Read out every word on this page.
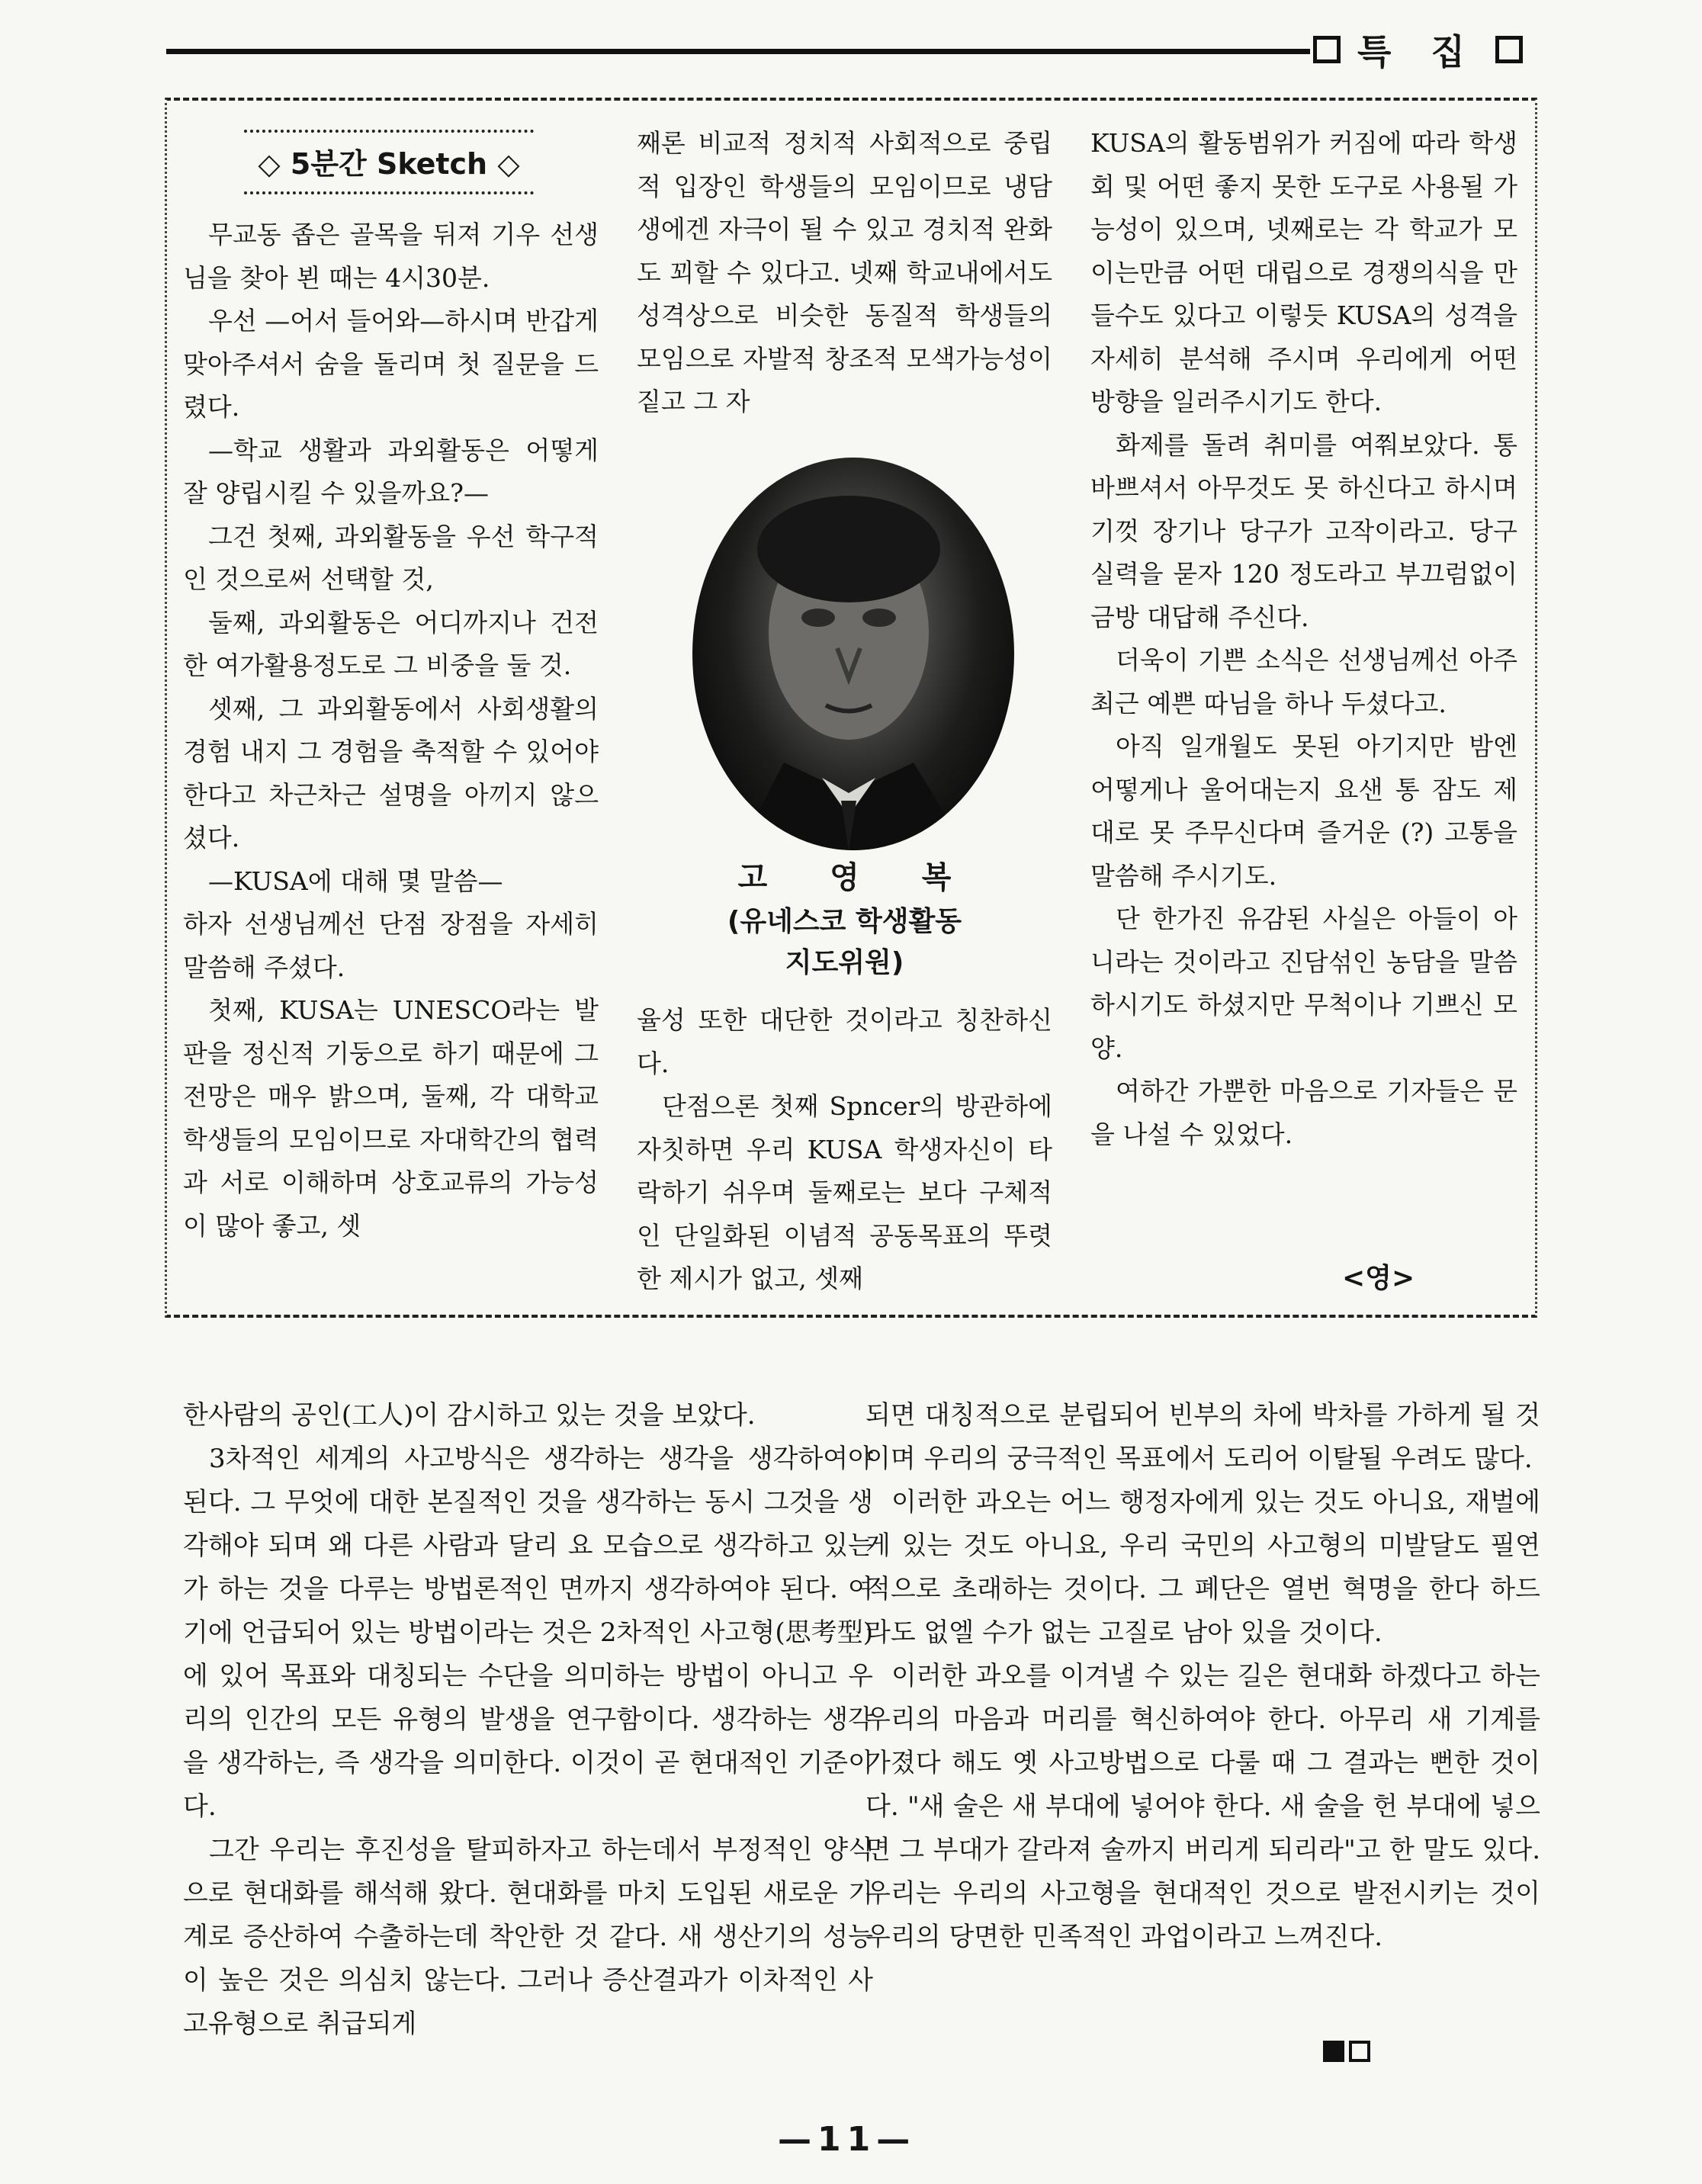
특 집
◇ 5분간 Sketch ◇

무교동 좁은 골목을 뒤져 기우 선생님을 찾아 뵌 때는 4시30분.

우선 —어서 들어와—하시며 반갑게 맞아주셔서 숨을 돌리며 첫 질문을 드렸다.

—학교 생활과 과외활동은 어떻게 잘 양립시킬 수 있을까요?—

그건 첫째, 과외활동을 우선 학구적인 것으로써 선택할 것,

둘째, 과외활동은 어디까지나 건전한 여가활용정도로 그 비중을 둘 것.

셋째, 그 과외활동에서 사회생활의 경험 내지 그 경험을 축적할 수 있어야 한다고 차근차근 설명을 아끼지 않으셨다.

—KUSA에 대해 몇 말씀—

하자 선생님께선 단점 장점을 자세히 말씀해 주셨다.

첫째, KUSA는 UNESCO라는 발판을 정신적 기둥으로 하기 때문에 그 전망은 매우 밝으며, 둘째, 각 대학교 학생들의 모임이므로 자대학간의 협력과 서로 이해하며 상호교류의 가능성이 많아 좋고, 셋

째론 비교적 정치적 사회적으로 중립적 입장인 학생들의 모임이므로 냉담생에겐 자극이 될 수 있고 경치적 완화도 꾀할 수 있다고. 넷째 학교내에서도 성격상으로 비슷한 동질적 학생들의 모임으로 자발적 창조적 모색가능성이 짙고 그 자

고 영 복
(유네스코 학생활동
지도위원)

율성 또한 대단한 것이라고 칭찬하신다.

단점으론 첫째 Spncer의 방관하에 자칫하면 우리 KUSA 학생자신이 타락하기 쉬우며 둘째로는 보다 구체적인 단일화된 이념적 공동목표의 뚜렷한 제시가 없고, 셋째

KUSA의 활동범위가 커짐에 따라 학생회 및 어떤 좋지 못한 도구로 사용될 가능성이 있으며, 넷째로는 각 학교가 모이는만큼 어떤 대립으로 경쟁의식을 만들수도 있다고 이렇듯 KUSA의 성격을 자세히 분석해 주시며 우리에게 어떤 방향을 일러주시기도 한다.

화제를 돌려 취미를 여쭤보았다. 통 바쁘셔서 아무것도 못 하신다고 하시며 기껏 장기나 당구가 고작이라고. 당구실력을 묻자 120 정도라고 부끄럼없이 금방 대답해 주신다.

더욱이 기쁜 소식은 선생님께선 아주 최근 예쁜 따님을 하나 두셨다고.

아직 일개월도 못된 아기지만 밤엔 어떻게나 울어대는지 요샌 통 잠도 제대로 못 주무신다며 즐거운 (?) 고통을 말씀해 주시기도.

단 한가진 유감된 사실은 아들이 아니라는 것이라고 진담섞인 농담을 말씀하시기도 하셨지만 무척이나 기쁘신 모양.

여하간 가뿐한 마음으로 기자들은 문을 나설 수 있었다.

<영>

한사람의 공인(工人)이 감시하고 있는 것을 보았다.

3차적인 세계의 사고방식은 생각하는 생각을 생각하여야 된다. 그 무엇에 대한 본질적인 것을 생각하는 동시 그것을 생각해야 되며 왜 다른 사람과 달리 요 모습으로 생각하고 있는가 하는 것을 다루는 방법론적인 면까지 생각하여야 된다. 여기에 언급되어 있는 방법이라는 것은 2차적인 사고형(思考型)에 있어 목표와 대칭되는 수단을 의미하는 방법이 아니고 우리의 인간의 모든 유형의 발생을 연구함이다. 생각하는 생각을 생각하는, 즉 생각을 의미한다. 이것이 곧 현대적인 기준이다.

그간 우리는 후진성을 탈피하자고 하는데서 부정적인 양식으로 현대화를 해석해 왔다. 현대화를 마치 도입된 새로운 기계로 증산하여 수출하는데 착안한 것 같다. 새 생산기의 성능이 높은 것은 의심치 않는다. 그러나 증산결과가 이차적인 사고유형으로 취급되게

되면 대칭적으로 분립되어 빈부의 차에 박차를 가하게 될 것이며 우리의 궁극적인 목표에서 도리어 이탈될 우려도 많다.

이러한 과오는 어느 행정자에게 있는 것도 아니요, 재벌에게 있는 것도 아니요, 우리 국민의 사고형의 미발달도 필연적으로 초래하는 것이다. 그 폐단은 열번 혁명을 한다 하드라도 없엘 수가 없는 고질로 남아 있을 것이다.

이러한 과오를 이겨낼 수 있는 길은 현대화 하겠다고 하는 우리의 마음과 머리를 혁신하여야 한다. 아무리 새 기계를 가졌다 해도 옛 사고방법으로 다룰 때 그 결과는 뻔한 것이다. "새 술은 새 부대에 넣어야 한다. 새 술을 헌 부대에 넣으면 그 부대가 갈라져 술까지 버리게 되리라"고 한 말도 있다. 우리는 우리의 사고형을 현대적인 것으로 발전시키는 것이 우리의 당면한 민족적인 과업이라고 느껴진다.

—11—
